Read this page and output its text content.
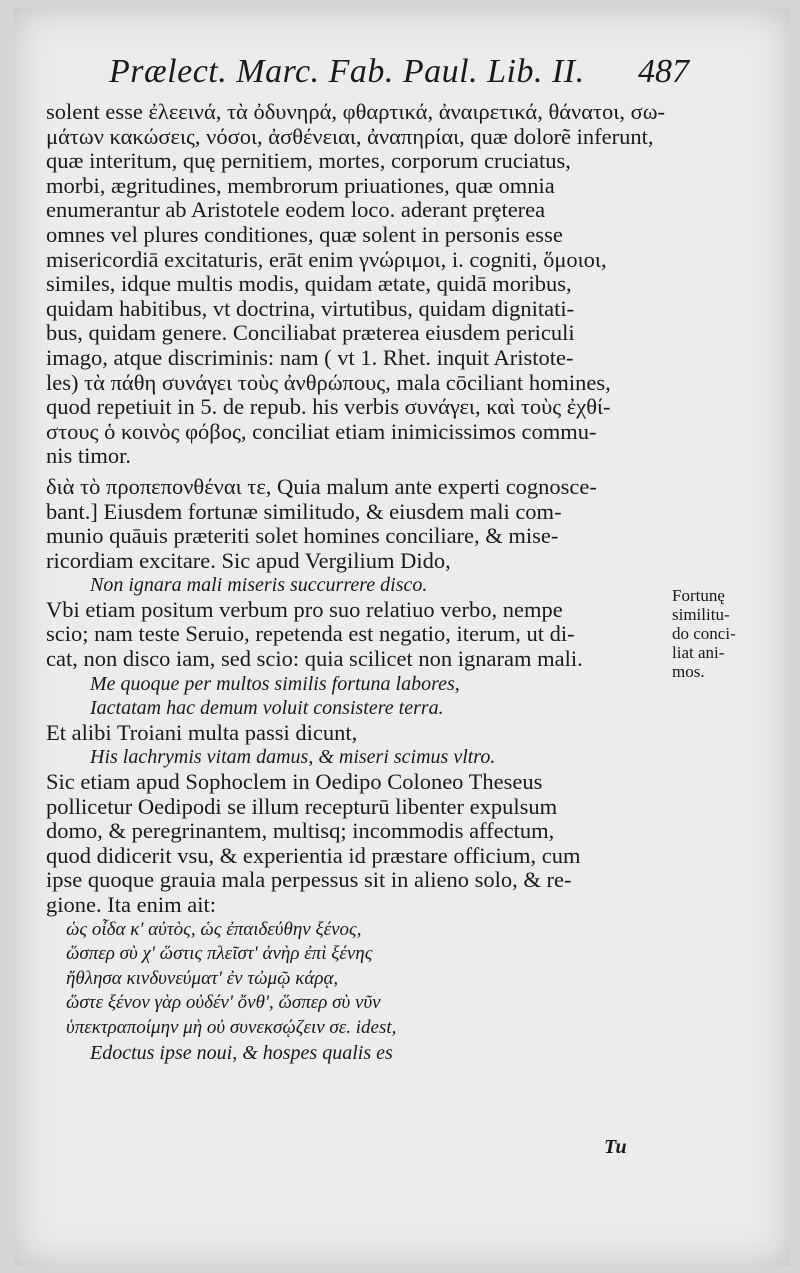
Prælect. Marc. Fab. Paul. Lib. II. 487
solent esse ἐλεεινά, τὰ ὀδυνηρά, φθαρτικά, ἀναιρετικά, θάνατοι, σω-
μάτων κακώσεις, νόσοι, ἀσθένειαι, ἀναπηρίαι, quæ dolorẽ inferunt,
quæ interitum, quę pernitiem, mortes, corporum cruciatus,
morbi, ægritudines, membrorum priuationes, quæ omnia
enumerantur ab Aristotele eodem loco. aderant prȩterea
omnes vel plures conditiones, quæ solent in personis esse
misericordiā excitaturis, erāt enim γνώριμοι, i. cogniti, ὅμοιοι,
similes, idque multis modis, quidam ætate, quidā moribus,
quidam habitibus, vt doctrina, virtutibus, quidam dignitati-
bus, quidam genere. Conciliabat præterea eiusdem periculi
imago, atque discriminis: nam ( vt 1. Rhet. inquit Aristote-
les) τὰ πάθη συνάγει τοὺς ἀνθρώπους, mala cōciliant homines,
quod repetiuit in 5. de repub. his verbis συνάγει, καὶ τοὺς ἐχθί-
στους ὁ κοινὸς φόβος, conciliat etiam inimicissimos commu-
nis timor.
διὰ τὸ προπεπονθέναι τε, Quia malum ante experti cognosce-
bant.] Eiusdem fortunæ similitudo, & eiusdem mali com-
munio quāuis præteriti solet homines conciliare, & mise-
ricordiam excitare. Sic apud Vergilium Dido,
Non ignara mali miseris succurrere disco.
Vbi etiam positum verbum pro suo relatiuo verbo, nempe
scio; nam teste Seruio, repetenda est negatio, iterum, ut di-
cat, non disco iam, sed scio: quia scilicet non ignaram mali.
Me quoque per multos similis fortuna labores,
Iactatam hac demum voluit consistere terra.
Et alibi Troiani multa passi dicunt,
His lachrymis vitam damus, & miseri scimus vltro.
Sic etiam apud Sophoclem in Oedipo Coloneo Theseus
pollicetur Oedipodi se illum recepturū libenter expulsum
domo, & peregrinantem, multisq; incommodis affectum,
quod didicerit vsu, & experientia id præstare officium, cum
ipse quoque grauia mala perpessus sit in alieno solo, & re-
gione. Ita enim ait:
ὡς οἶδα κ' αὐτὸς, ὡς ἐπαιδεύθην ξένος,
ὥσπερ σὺ χ' ὥστις πλεῖστ' ἀνὴρ ἐπὶ ξένης
ἤθλησα κινδυνεύματ' ἐν τὠμῷ κάρᾳ,
ὥστε ξένον γὰρ οὐδέν' ὄνθ', ὥσπερ σὺ νῦν
ὑπεκτραποίμην μὴ οὐ συνεκσῴζειν σε. idest,
Edoctus ipse noui, & hospes qualis es
Fortunę
similitu-
do conci-
liat ani-
mos.
Tu
